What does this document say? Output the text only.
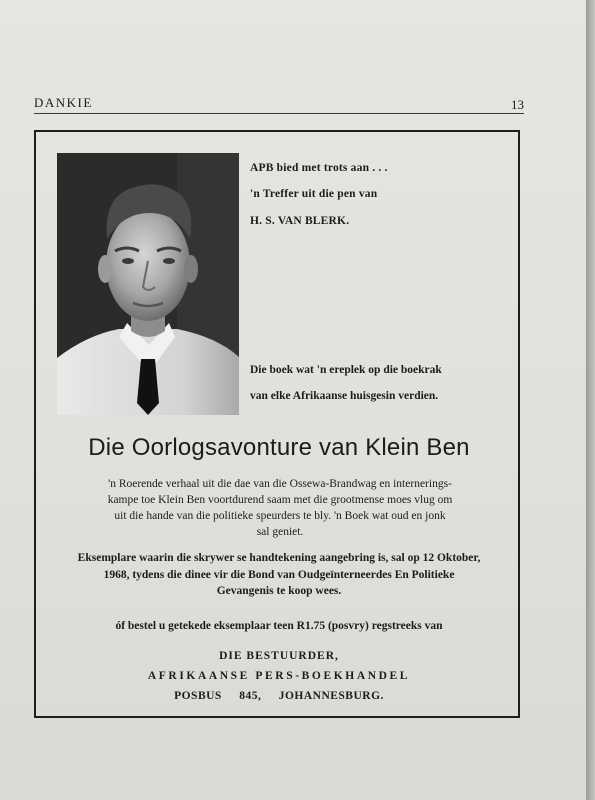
DANKIE	13
APB bied met trots aan . . .
'n Treffer uit die pen van
H. S. VAN BLERK.
Die boek wat 'n ereplek op die boekrak
van elke Afrikaanse huisgesin verdien.
Die Oorlogsavonture van Klein Ben
'n Roerende verhaal uit die dae van die Ossewa-Brandwag en internerings-
kampe toe Klein Ben voortdurend saam met die grootmense moes vlug om
uit die hande van die politieke speurders te bly. 'n Boek wat oud en jonk
sal geniet.
Eksemplare waarin die skrywer se handtekening aangebring is, sal op 12 Oktober,
1968, tydens die dinee vir die Bond van Oudgeïnterneerdes En Politieke
Gevangenis te koop wees.
óf bestel u getekede eksemplaar teen R1.75 (posvry) regstreeks van
DIE BESTUURDER,
AFRIKAANSE PERS-BOEKHANDEL
POSBUS 845, JOHANNESBURG.
